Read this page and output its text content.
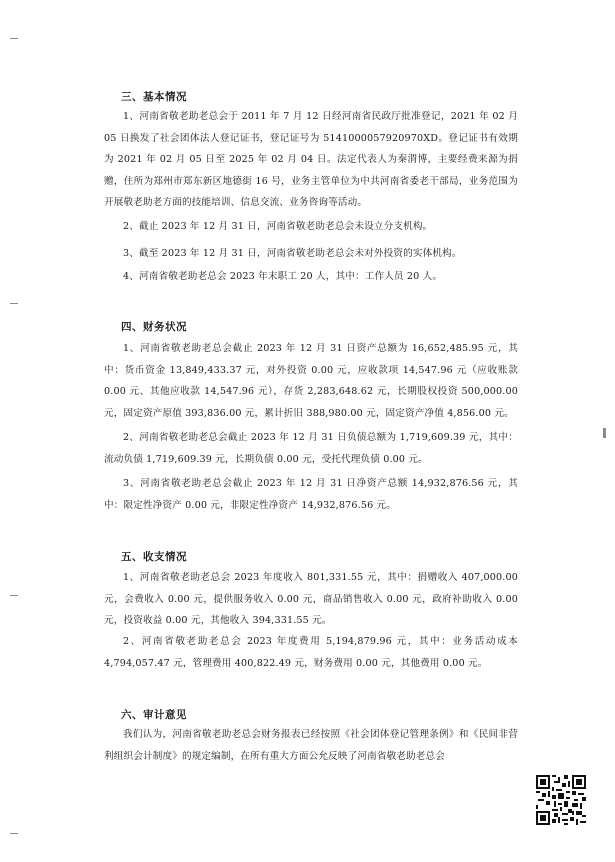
三、基本情况
1、河南省敬老助老总会于 2011 年 7 月 12 日经河南省民政厅批准登记，2021 年 02 月 05 日换发了社会团体法人登记证书，登记证号为 5141000057920970XD。登记证书有效期为 2021 年 02 月 05 日至 2025 年 02 月 04 日。法定代表人为秦渭博，主要经费来源为捐赠，住所为郑州市郑东新区地德街 16 号，业务主管单位为中共河南省委老干部局，业务范围为开展敬老助老方面的技能培训、信息交流、业务咨询等活动。
2、截止 2023 年 12 月 31 日，河南省敬老助老总会未设立分支机构。
3、截至 2023 年 12 月 31 日，河南省敬老助老总会未对外投资的实体机构。
4、河南省敬老助老总会 2023 年末职工 20 人，其中：工作人员 20 人。
四、财务状况
1、河南省敬老助老总会截止 2023 年 12 月 31 日资产总额为 16,652,485.95 元，其中：货币资金 13,849,433.37 元，对外投资 0.00 元，应收款项 14,547.96 元（应收账款 0.00 元、其他应收款 14,547.96 元），存货 2,283,648.62 元，长期股权投资 500,000.00 元，固定资产原值 393,836.00 元，累计折旧 388,980.00 元，固定资产净值 4,856.00 元。
2、河南省敬老助老总会截止 2023 年 12 月 31 日负债总额为 1,719,609.39 元，其中：流动负债 1,719,609.39 元，长期负债 0.00 元，受托代理负债 0.00 元。
3、河南省敬老助老总会截止 2023 年 12 月 31 日净资产总额 14,932,876.56 元，其中：限定性净资产 0.00 元，非限定性净资产 14,932,876.56 元。
五、收支情况
1、河南省敬老助老总会 2023 年度收入 801,331.55 元，其中：捐赠收入 407,000.00 元，会费收入 0.00 元，提供服务收入 0.00 元，商品销售收入 0.00 元，政府补助收入 0.00 元，投资收益 0.00 元，其他收入 394,331.55 元。
2、河南省敬老助老总会 2023 年度费用 5,194,879.96 元，其中：业务活动成本 4,794,057.47 元，管理费用 400,822.49 元，财务费用 0.00 元，其他费用 0.00 元。
六、审计意见
我们认为，河南省敬老助老总会财务报表已经按照《社会团体登记管理条例》和《民间非营利组织会计制度》的规定编制，在所有重大方面公允反映了河南省敬老助老总会
